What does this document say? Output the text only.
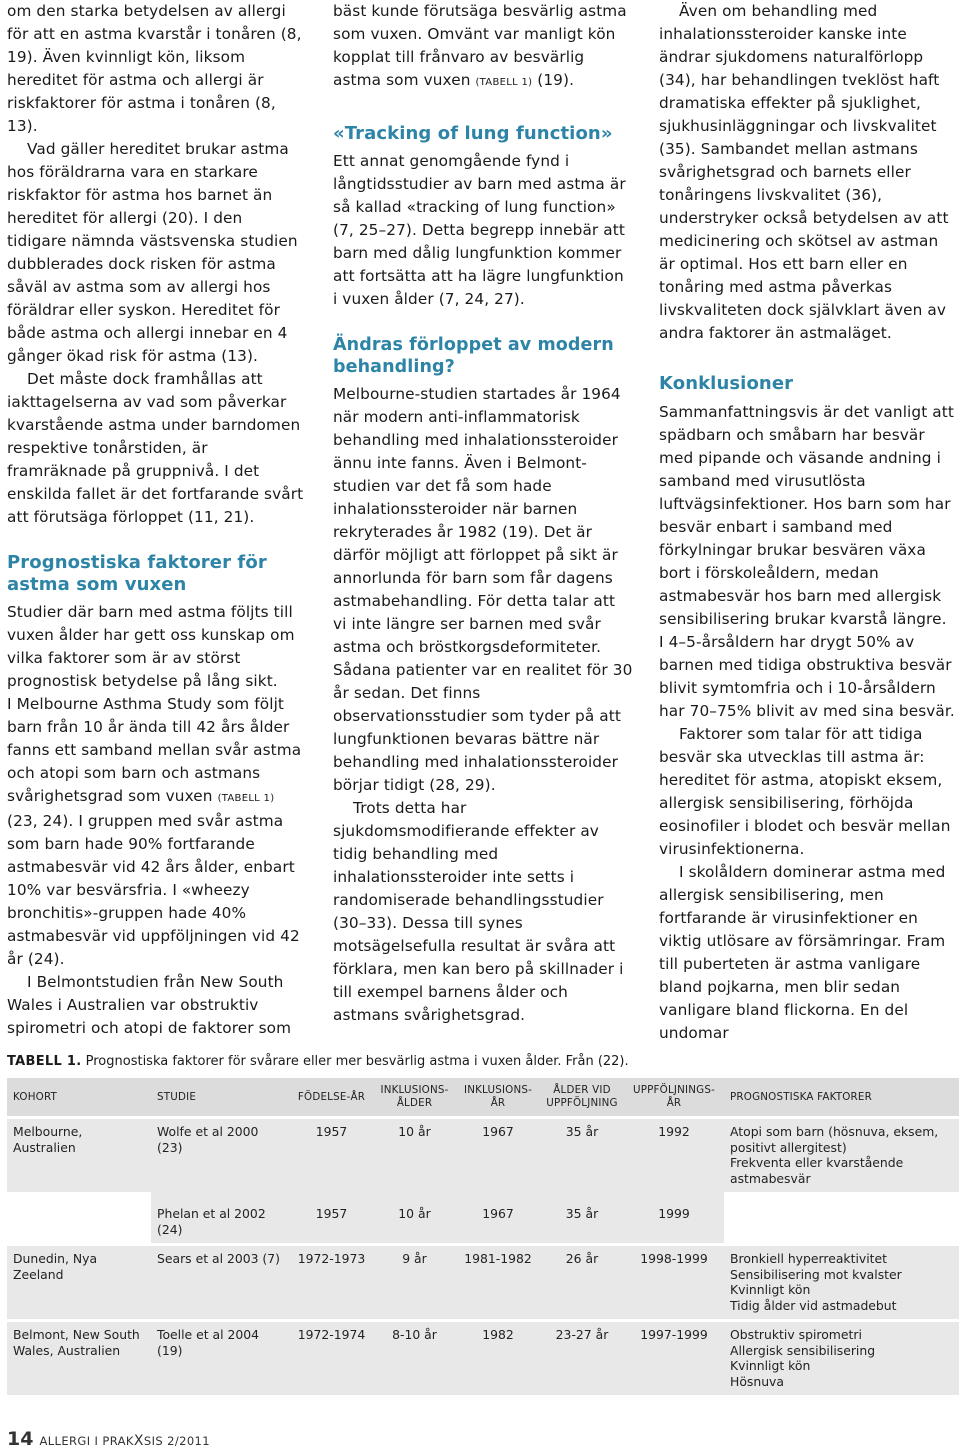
om den starka betydelsen av allergi för att en astma kvarstår i tonåren (8, 19). Även kvinnligt kön, liksom hereditet för astma och allergi är riskfaktorer för astma i tonåren (8, 13).

Vad gäller hereditet brukar astma hos föräldrarna vara en starkare riskfaktor för astma hos barnet än hereditet för allergi (20). I den tidigare nämnda västsvenska studien dubblerades dock risken för astma såväl av astma som av allergi hos föräldrar eller syskon. Hereditet för både astma och allergi innebar en 4 gånger ökad risk för astma (13).

Det måste dock framhållas att iakttagelserna av vad som påverkar kvarstående astma under barndomen respektive tonårstiden, är framräknade på gruppnivå. I det enskilda fallet är det fortfarande svårt att förutsäga förloppet (11, 21).

Prognostiska faktorer för astma som vuxen

Studier där barn med astma följts till vuxen ålder har gett oss kunskap om vilka faktorer som är av störst prognostisk betydelse på lång sikt.

I Melbourne Asthma Study som följt barn från 10 år ända till 42 års ålder fanns ett samband mellan svår astma och atopi som barn och astmans svårighetsgrad som vuxen (TABELL 1) (23, 24). I gruppen med svår astma som barn hade 90% fortfarande astmabesvär vid 42 års ålder, enbart 10% var besvärsfria. I «wheezy bronchitis»-gruppen hade 40% astmabesvär vid uppföljningen vid 42 år (24).

I Belmontstudien från New South Wales i Australien var obstruktiv spirometri och atopi de faktorer som

bäst kunde förutsäga besvärlig astma som vuxen. Omvänt var manligt kön kopplat till frånvaro av besvärlig astma som vuxen (TABELL 1) (19).

«Tracking of lung function»

Ett annat genomgående fynd i långtidsstudier av barn med astma är så kallad «tracking of lung function» (7, 25–27). Detta begrepp innebär att barn med dålig lungfunktion kommer att fortsätta att ha lägre lungfunktion i vuxen ålder (7, 24, 27).

Ändras förloppet av modern behandling?

Melbourne-studien startades år 1964 när modern anti-inflammatorisk behandling med inhalationssteroider ännu inte fanns. Även i Belmont-studien var det få som hade inhalationssteroider när barnen rekryterades år 1982 (19). Det är därför möjligt att förloppet på sikt är annorlunda för barn som får dagens astmabehandling. För detta talar att vi inte längre ser barnen med svår astma och bröstkorgsdeformiteter. Sådana patienter var en realitet för 30 år sedan. Det finns observationsstudier som tyder på att lungfunktionen bevaras bättre när behandling med inhalationssteroider börjar tidigt (28, 29).

Trots detta har sjukdomsmodifierande effekter av tidig behandling med inhalationssteroider inte setts i randomiserade behandlingsstudier (30–33). Dessa till synes motsägelsefulla resultat är svåra att förklara, men kan bero på skillnader i till exempel barnens ålder och astmans svårighetsgrad.

Även om behandling med inhalationssteroider kanske inte ändrar sjukdomens naturalförlopp (34), har behandlingen tveklöst haft dramatiska effekter på sjuklighet, sjukhusinläggningar och livskvalitet (35). Sambandet mellan astmans svårighetsgrad och barnets eller tonåringens livskvalitet (36), understryker också betydelsen av att medicinering och skötsel av astman är optimal. Hos ett barn eller en tonåring med astma påverkas livskvaliteten dock självklart även av andra faktorer än astmaläget.

Konklusioner

Sammanfattningsvis är det vanligt att spädbarn och småbarn har besvär med pipande och väsande andning i samband med virusutlösta luftvägsinfektioner. Hos barn som har besvär enbart i samband med förkylningar brukar besvären växa bort i förskoleåldern, medan astmabesvär hos barn med allergisk sensibilisering brukar kvarstå längre. I 4–5-årsåldern har drygt 50% av barnen med tidiga obstruktiva besvär blivit symtomfria och i 10-årsåldern har 70–75% blivit av med sina besvär.

Faktorer som talar för att tidiga besvär ska utvecklas till astma är: hereditet för astma, atopiskt eksem, allergisk sensibilisering, förhöjda eosinofiler i blodet och besvär mellan virusinfektionerna.

I skolåldern dominerar astma med allergisk sensibilisering, men fortfarande är virusinfektioner en viktig utlösare av försämringar. Fram till puberteten är astma vanligare bland pojkarna, men blir sedan vanligare bland flickorna. En del undomar

TABELL 1. Prognostiska faktorer för svårare eller mer besvärlig astma i vuxen ålder. Från (22).
KOHORT	STUDIE	FÖDELSE-ÅR	INKLUSIONS-ÅLDER	INKLUSIONS-ÅR	ÅLDER VID UPPFÖLJNING	UPPFÖLJNINGS-ÅR	PROGNOSTISKA FAKTORER
Melbourne, Australien	Wolfe et al 2000 (23)	1957	10 år	1967	35 år	1992	Atopi som barn (hösnuva, eksem, positivt allergitest)
Frekventa eller kvarstående astmabesvär

	Phelan et al 2002 (24)	1957	10 år	1967	35 år	1999	
Dunedin, Nya Zeeland	Sears et al 2003 (7)	1972-1973	9 år	1981-1982	26 år	1998-1999	Bronkiell hyperreaktivitet
Sensibilisering mot kvalster
Kvinnligt kön
Tidig ålder vid astmadebut

Belmont, New South Wales, Australien	Toelle et al 2004 (19)	1972-1974	8-10 år	1982	23-27 år	1997-1999	Obstruktiv spirometri
Allergisk sensibilisering
Kvinnligt kön
Hösnuva
14 ALLERGI I PRAKXSIS 2/2011
